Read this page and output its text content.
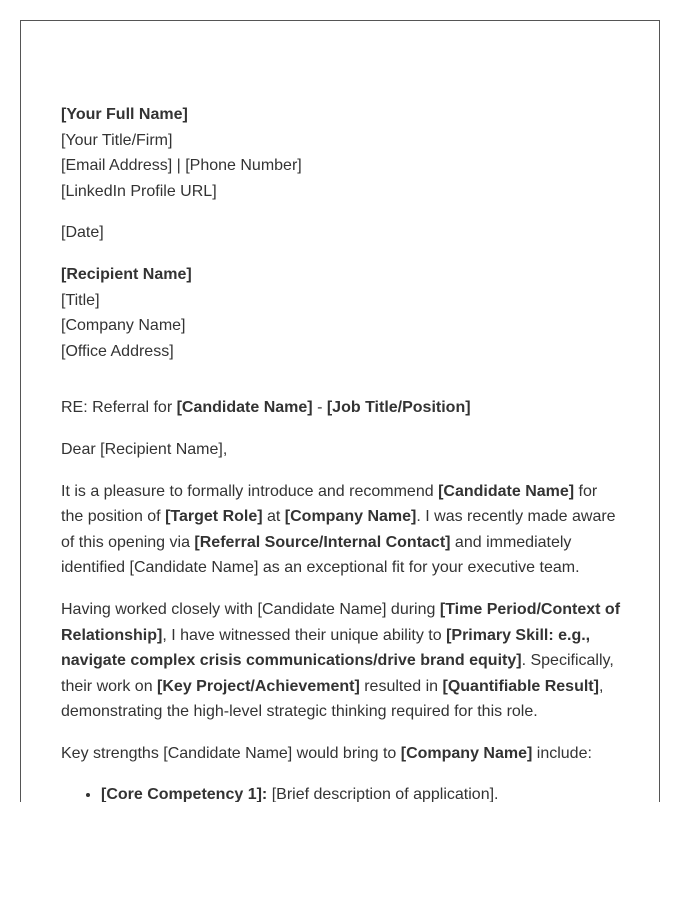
[Your Full Name]
[Your Title/Firm]
[Email Address] | [Phone Number]
[LinkedIn Profile URL]
[Date]
[Recipient Name]
[Title]
[Company Name]
[Office Address]
RE: Referral for [Candidate Name] - [Job Title/Position]

Dear [Recipient Name],

It is a pleasure to formally introduce and recommend [Candidate Name] for the position of [Target Role] at [Company Name]. I was recently made aware of this opening via [Referral Source/Internal Contact] and immediately identified [Candidate Name] as an exceptional fit for your executive team.

Having worked closely with [Candidate Name] during [Time Period/Context of Relationship], I have witnessed their unique ability to [Primary Skill: e.g., navigate complex crisis communications/drive brand equity]. Specifically, their work on [Key Project/Achievement] resulted in [Quantifiable Result], demonstrating the high-level strategic thinking required for this role.

Key strengths [Candidate Name] would bring to [Company Name] include:

• [Core Competency 1]: [Brief description of application].
